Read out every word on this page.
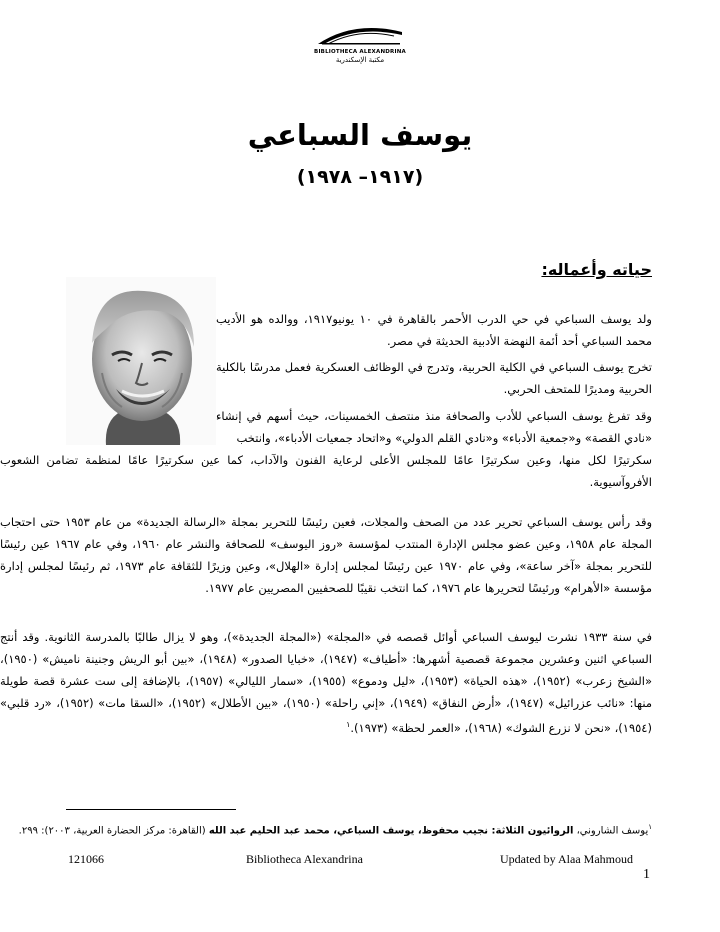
BIBLIOTHECA ALEXANDRINA
مكتبة الإسكندرية
يوسف السباعي
(١٩١٧– ١٩٧٨)
حياته وأعماله:
ولد يوسف السباعي في حي الدرب الأحمر بالقاهرة في ١٠ يونيو١٩١٧، ووالده هو الأديب محمد السباعي أحد أئمة النهضة الأدبية الحديثة في مصر.
تخرج يوسف السباعي في الكلية الحربية، وتدرج في الوظائف العسكرية فعمل مدرسًا بالكلية الحربية ومديرًا للمتحف الحربي.
وقد تفرغ يوسف السباعي للأدب والصحافة منذ منتصف الخمسينات، حيث أسهم في إنشاء «نادي القصة» و«جمعية الأدباء» و«نادي القلم الدولي» و«اتحاد جمعيات الأدباء»، وانتخب
سكرتيرًا لكل منها، وعين سكرتيرًا عامًا للمجلس الأعلى لرعاية الفنون والآداب، كما عين سكرتيرًا عامًا لمنظمة تضامن الشعوب الأفروآسيوية.
وقد رأس يوسف السباعي تحرير عدد من الصحف والمجلات، فعين رئيسًا للتحرير بمجلة «الرسالة الجديدة» من عام ١٩٥٣ حتى احتجاب المجلة عام ١٩٥٨، وعين عضو مجلس الإدارة المنتدب لمؤسسة «روز اليوسف» للصحافة والنشر عام ١٩٦٠، وفي عام ١٩٦٧ عين رئيسًا للتحرير بمجلة «آخر ساعة»، وفي عام ١٩٧٠ عين رئيسًا لمجلس إدارة «الهلال»، وعين وزيرًا للثقافة عام ١٩٧٣، ثم رئيسًا لمجلس إدارة مؤسسة «الأهرام» ورئيسًا لتحريرها عام ١٩٧٦، كما انتخب نقيبًا للصحفيين المصريين عام ١٩٧٧.
في سنة ١٩٣٣ نشرت ليوسف السباعي أوائل قصصه في «المجلة» («المجلة الجديدة»)، وهو لا يزال طالبًا بالمدرسة الثانوية. وقد أنتج السباعي اثنين وعشرين مجموعة قصصية أشهرها: «أطياف» (١٩٤٧)، «خبايا الصدور» (١٩٤٨)، «بين أبو الريش وجنينة ناميش» (١٩٥٠)، «الشيخ زعرب» (١٩٥٢)، «هذه الحياة» (١٩٥٣)، «ليل ودموع» (١٩٥٥)، «سمار الليالي» (١٩٥٧)، بالإضافة إلى ست عشرة قصة طويلة منها: «نائب عزرائيل» (١٩٤٧)، «أرض النفاق» (١٩٤٩)، «إني راحلة» (١٩٥٠)، «بين الأطلال» (١٩٥٢)، «السقا مات» (١٩٥٢)، «رد قلبي» (١٩٥٤)، «نحن لا نزرع الشوك» (١٩٦٨)، «العمر لحظة» (١٩٧٣).$^١$
$^١$يوسف الشاروني، الروائيون الثلاثة: نجيب محفوظ، يوسف السباعي، محمد عبد الحليم عبد الله (القاهرة: مركز الحضارة العربية، ٢٠٠٣): ٢٩٩.
121066	Bibliotheca Alexandrina	Updated by Alaa Mahmoud
1
